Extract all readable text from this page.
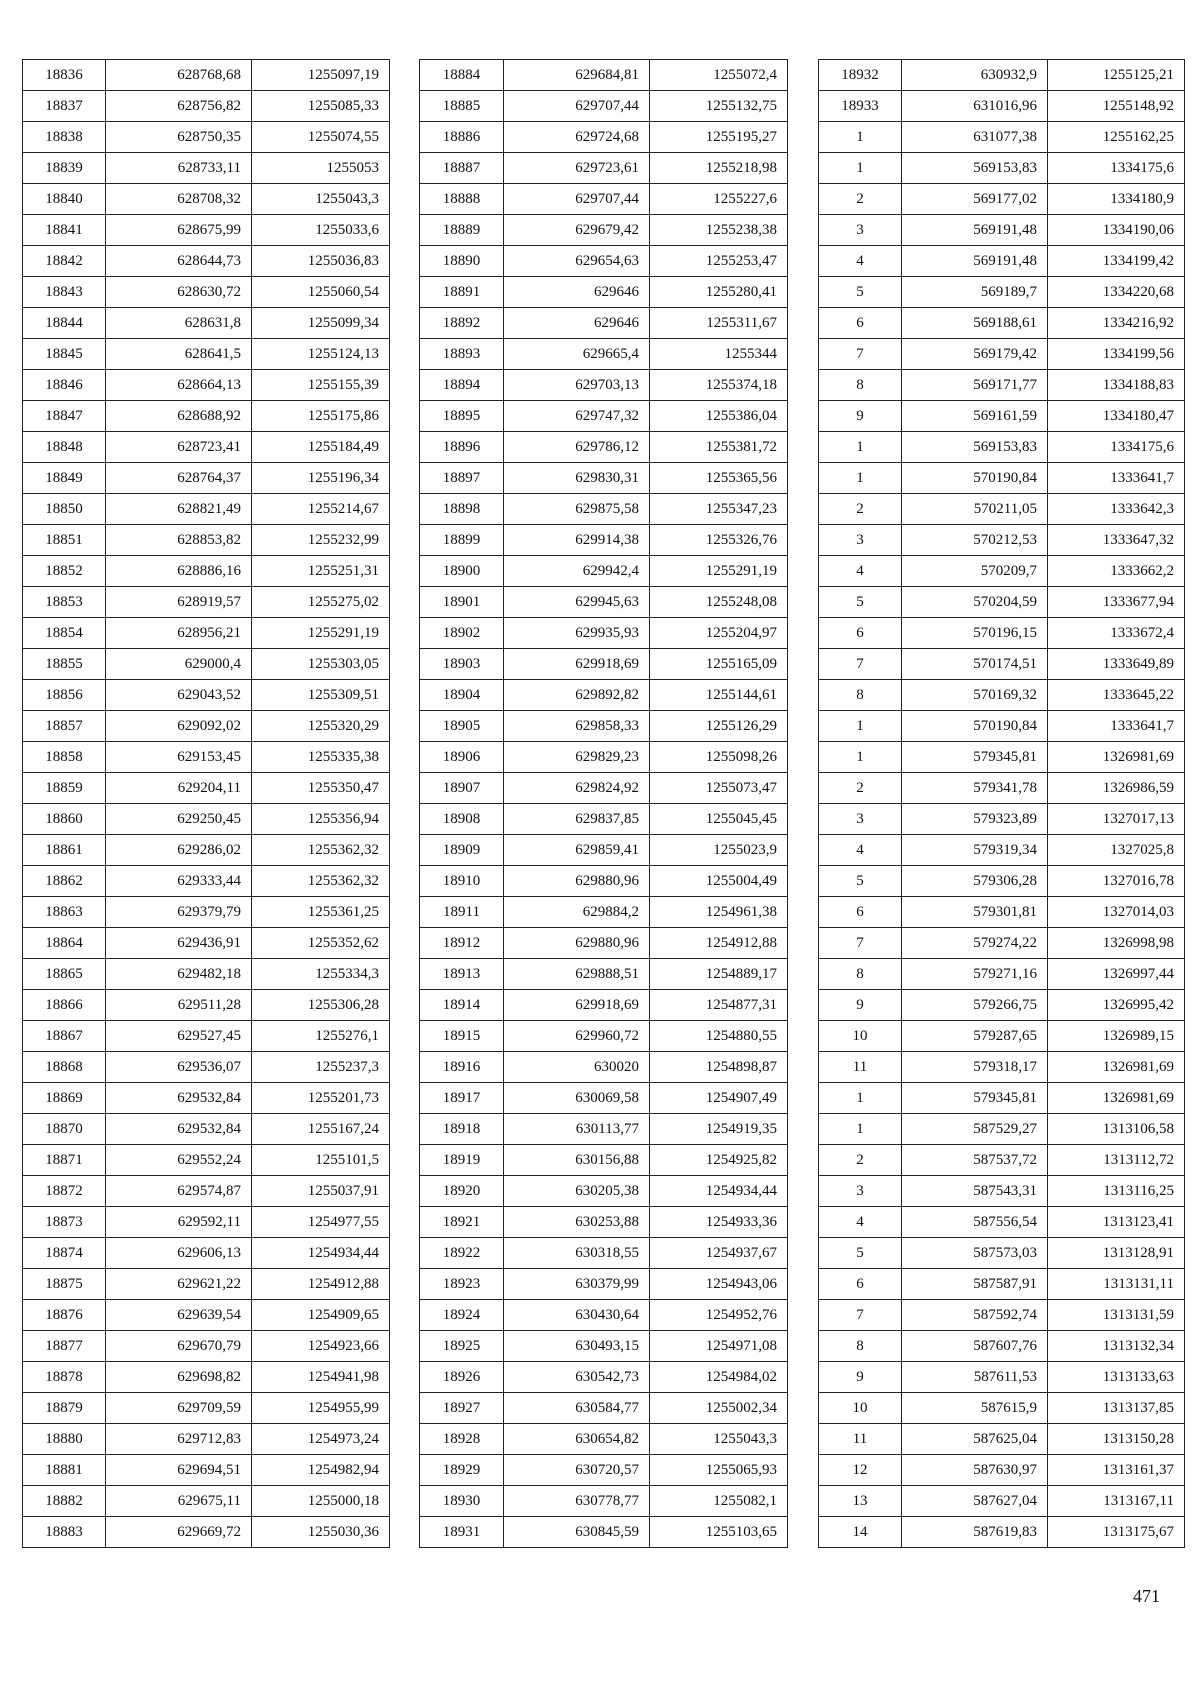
18836	628768,68	1255097,19
18837	628756,82	1255085,33
18838	628750,35	1255074,55
18839	628733,11	1255053
18840	628708,32	1255043,3
18841	628675,99	1255033,6
18842	628644,73	1255036,83
18843	628630,72	1255060,54
18844	628631,8	1255099,34
18845	628641,5	1255124,13
18846	628664,13	1255155,39
18847	628688,92	1255175,86
18848	628723,41	1255184,49
18849	628764,37	1255196,34
18850	628821,49	1255214,67
18851	628853,82	1255232,99
18852	628886,16	1255251,31
18853	628919,57	1255275,02
18854	628956,21	1255291,19
18855	629000,4	1255303,05
18856	629043,52	1255309,51
18857	629092,02	1255320,29
18858	629153,45	1255335,38
18859	629204,11	1255350,47
18860	629250,45	1255356,94
18861	629286,02	1255362,32
18862	629333,44	1255362,32
18863	629379,79	1255361,25
18864	629436,91	1255352,62
18865	629482,18	1255334,3
18866	629511,28	1255306,28
18867	629527,45	1255276,1
18868	629536,07	1255237,3
18869	629532,84	1255201,73
18870	629532,84	1255167,24
18871	629552,24	1255101,5
18872	629574,87	1255037,91
18873	629592,11	1254977,55
18874	629606,13	1254934,44
18875	629621,22	1254912,88
18876	629639,54	1254909,65
18877	629670,79	1254923,66
18878	629698,82	1254941,98
18879	629709,59	1254955,99
18880	629712,83	1254973,24
18881	629694,51	1254982,94
18882	629675,11	1255000,18
18883	629669,72	1255030,36
18884	629684,81	1255072,4
18885	629707,44	1255132,75
18886	629724,68	1255195,27
18887	629723,61	1255218,98
18888	629707,44	1255227,6
18889	629679,42	1255238,38
18890	629654,63	1255253,47
18891	629646	1255280,41
18892	629646	1255311,67
18893	629665,4	1255344
18894	629703,13	1255374,18
18895	629747,32	1255386,04
18896	629786,12	1255381,72
18897	629830,31	1255365,56
18898	629875,58	1255347,23
18899	629914,38	1255326,76
18900	629942,4	1255291,19
18901	629945,63	1255248,08
18902	629935,93	1255204,97
18903	629918,69	1255165,09
18904	629892,82	1255144,61
18905	629858,33	1255126,29
18906	629829,23	1255098,26
18907	629824,92	1255073,47
18908	629837,85	1255045,45
18909	629859,41	1255023,9
18910	629880,96	1255004,49
18911	629884,2	1254961,38
18912	629880,96	1254912,88
18913	629888,51	1254889,17
18914	629918,69	1254877,31
18915	629960,72	1254880,55
18916	630020	1254898,87
18917	630069,58	1254907,49
18918	630113,77	1254919,35
18919	630156,88	1254925,82
18920	630205,38	1254934,44
18921	630253,88	1254933,36
18922	630318,55	1254937,67
18923	630379,99	1254943,06
18924	630430,64	1254952,76
18925	630493,15	1254971,08
18926	630542,73	1254984,02
18927	630584,77	1255002,34
18928	630654,82	1255043,3
18929	630720,57	1255065,93
18930	630778,77	1255082,1
18931	630845,59	1255103,65
18932	630932,9	1255125,21
18933	631016,96	1255148,92
1	631077,38	1255162,25
1	569153,83	1334175,6
2	569177,02	1334180,9
3	569191,48	1334190,06
4	569191,48	1334199,42
5	569189,7	1334220,68
6	569188,61	1334216,92
7	569179,42	1334199,56
8	569171,77	1334188,83
9	569161,59	1334180,47
1	569153,83	1334175,6
1	570190,84	1333641,7
2	570211,05	1333642,3
3	570212,53	1333647,32
4	570209,7	1333662,2
5	570204,59	1333677,94
6	570196,15	1333672,4
7	570174,51	1333649,89
8	570169,32	1333645,22
1	570190,84	1333641,7
1	579345,81	1326981,69
2	579341,78	1326986,59
3	579323,89	1327017,13
4	579319,34	1327025,8
5	579306,28	1327016,78
6	579301,81	1327014,03
7	579274,22	1326998,98
8	579271,16	1326997,44
9	579266,75	1326995,42
10	579287,65	1326989,15
11	579318,17	1326981,69
1	579345,81	1326981,69
1	587529,27	1313106,58
2	587537,72	1313112,72
3	587543,31	1313116,25
4	587556,54	1313123,41
5	587573,03	1313128,91
6	587587,91	1313131,11
7	587592,74	1313131,59
8	587607,76	1313132,34
9	587611,53	1313133,63
10	587615,9	1313137,85
11	587625,04	1313150,28
12	587630,97	1313161,37
13	587627,04	1313167,11
14	587619,83	1313175,67
471
